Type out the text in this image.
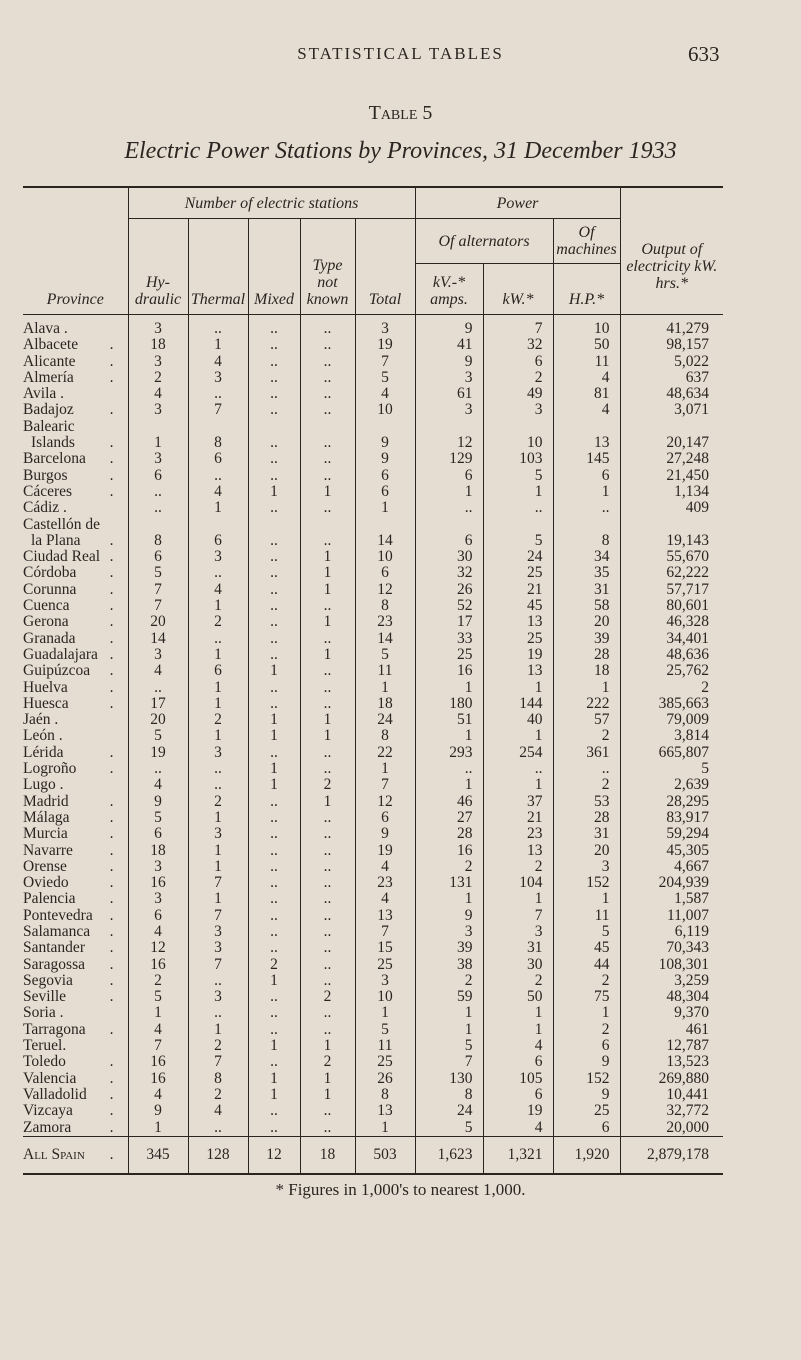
STATISTICAL TABLES	633
Table 5
Electric Power Stations by Provinces, 31 December 1933
Province	Number of electric stations					Power			Output of electricity kW. hrs.*
	Hy- draulic	Thermal	Mixed	Type not known	Total	Of alternators		Of machines	
						kV.-* amps.	kW.*	H.P.*	
Alava .	3	..	..	..	3	9	7	10	41,279
Albacete .	18	1	..	..	19	41	32	50	98,157
Alicante .	3	4	..	..	7	9	6	11	5,022
Almería .	2	3	..	..	5	3	2	4	637
Avila .	4	..	..	..	4	61	49	81	48,634
Badajoz .	3	7	..	..	10	3	3	4	3,071
Balearic									
Islands .	1	8	..	..	9	12	10	13	20,147
Barcelona .	3	6	..	..	9	129	103	145	27,248
Burgos .	6	..	..	..	6	6	5	6	21,450
Cáceres .	..	4	1	1	6	1	1	1	1,134
Cádiz .	..	1	..	..	1	..	..	..	409
Castellón de									
la Plana .	8	6	..	..	14	6	5	8	19,143
Ciudad Real .	6	3	..	1	10	30	24	34	55,670
Córdoba .	5	..	..	1	6	32	25	35	62,222
Corunna .	7	4	..	1	12	26	21	31	57,717
Cuenca .	7	1	..	..	8	52	45	58	80,601
Gerona .	20	2	..	1	23	17	13	20	46,328
Granada .	14	..	..	..	14	33	25	39	34,401
Guadalajara .	3	1	..	1	5	25	19	28	48,636
Guipúzcoa .	4	6	1	..	11	16	13	18	25,762
Huelva .	..	1	..	..	1	1	1	1	2
Huesca .	17	1	..	..	18	180	144	222	385,663
Jaén .	20	2	1	1	24	51	40	57	79,009
León .	5	1	1	1	8	1	1	2	3,814
Lérida .	19	3	..	..	22	293	254	361	665,807
Logroño .	..	..	1	..	1	..	..	..	5
Lugo .	4	..	1	2	7	1	1	2	2,639
Madrid .	9	2	..	1	12	46	37	53	28,295
Málaga .	5	1	..	..	6	27	21	28	83,917
Murcia .	6	3	..	..	9	28	23	31	59,294
Navarre .	18	1	..	..	19	16	13	20	45,305
Orense .	3	1	..	..	4	2	2	3	4,667
Oviedo .	16	7	..	..	23	131	104	152	204,939
Palencia .	3	1	..	..	4	1	1	1	1,587
Pontevedra .	6	7	..	..	13	9	7	11	11,007
Salamanca .	4	3	..	..	7	3	3	5	6,119
Santander .	12	3	..	..	15	39	31	45	70,343
Saragossa .	16	7	2	..	25	38	30	44	108,301
Segovia .	2	..	1	..	3	2	2	2	3,259
Seville .	5	3	..	2	10	59	50	75	48,304
Soria .	1	..	..	..	1	1	1	1	9,370
Tarragona .	4	1	..	..	5	1	1	2	461
Teruel.	7	2	1	1	11	5	4	6	12,787
Toledo .	16	7	..	2	25	7	6	9	13,523
Valencia .	16	8	1	1	26	130	105	152	269,880
Valladolid .	4	2	1	1	8	8	6	9	10,441
Vizcaya .	9	4	..	..	13	24	19	25	32,772
Zamora .	1	..	..	..	1	5	4	6	20,000
All Spain .	345	128	12	18	503	1,623	1,321	1,920	2,879,178
* Figures in 1,000's to nearest 1,000.
